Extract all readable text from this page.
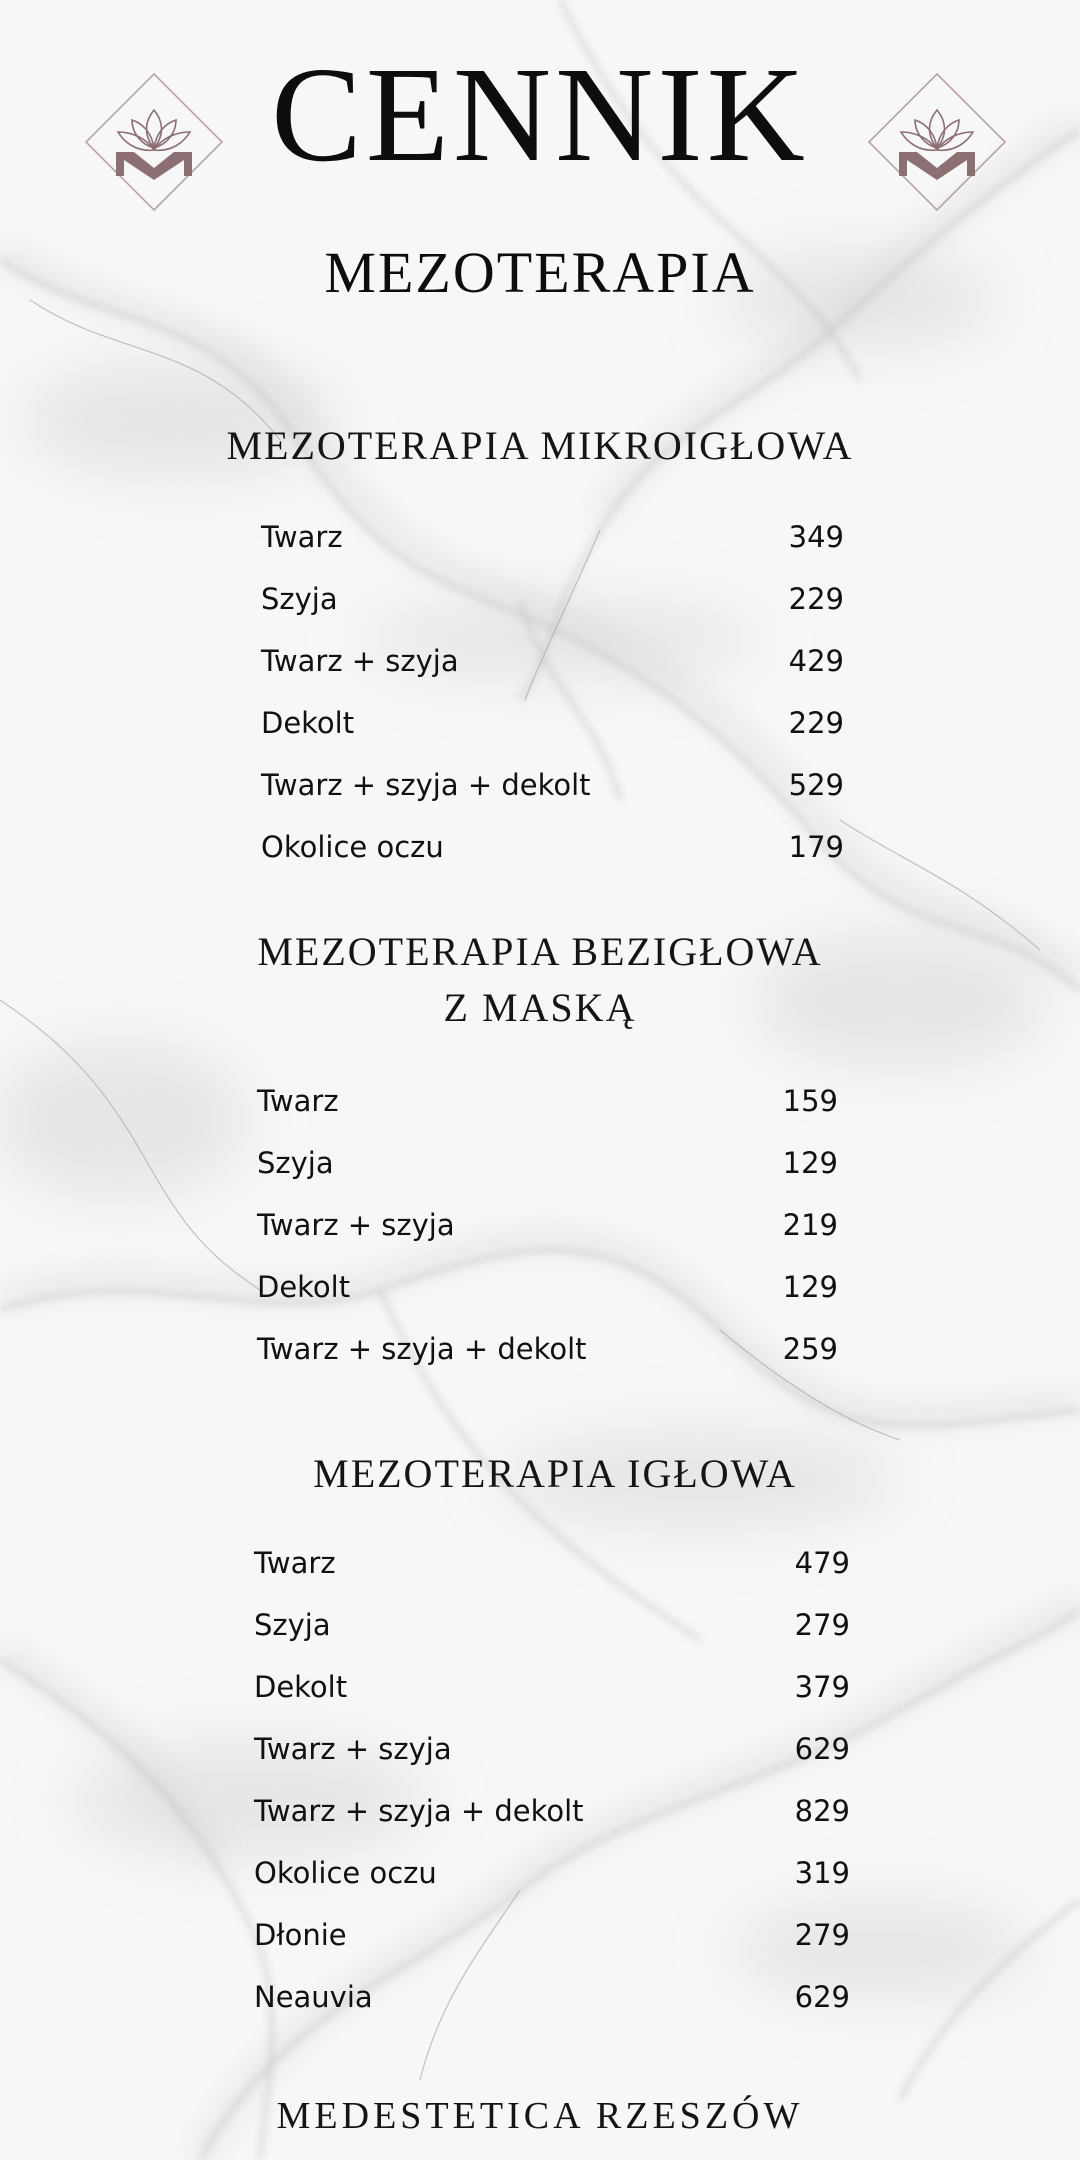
CENNIK
MEZOTERAPIA
MEZOTERAPIA MIKROIGŁOWA
Twarz	349
Szyja	229
Twarz + szyja	429
Dekolt	229
Twarz + szyja + dekolt	529
Okolice oczu	179
MEZOTERAPIA BEZIGŁOWA
Z MASKĄ
Twarz	159
Szyja	129
Twarz + szyja	219
Dekolt	129
Twarz + szyja + dekolt	259
MEZOTERAPIA IGŁOWA
Twarz	479
Szyja	279
Dekolt	379
Twarz + szyja	629
Twarz + szyja + dekolt	829
Okolice oczu	319
Dłonie	279
Neauvia	629
MEDESTETICA RZESZÓW
